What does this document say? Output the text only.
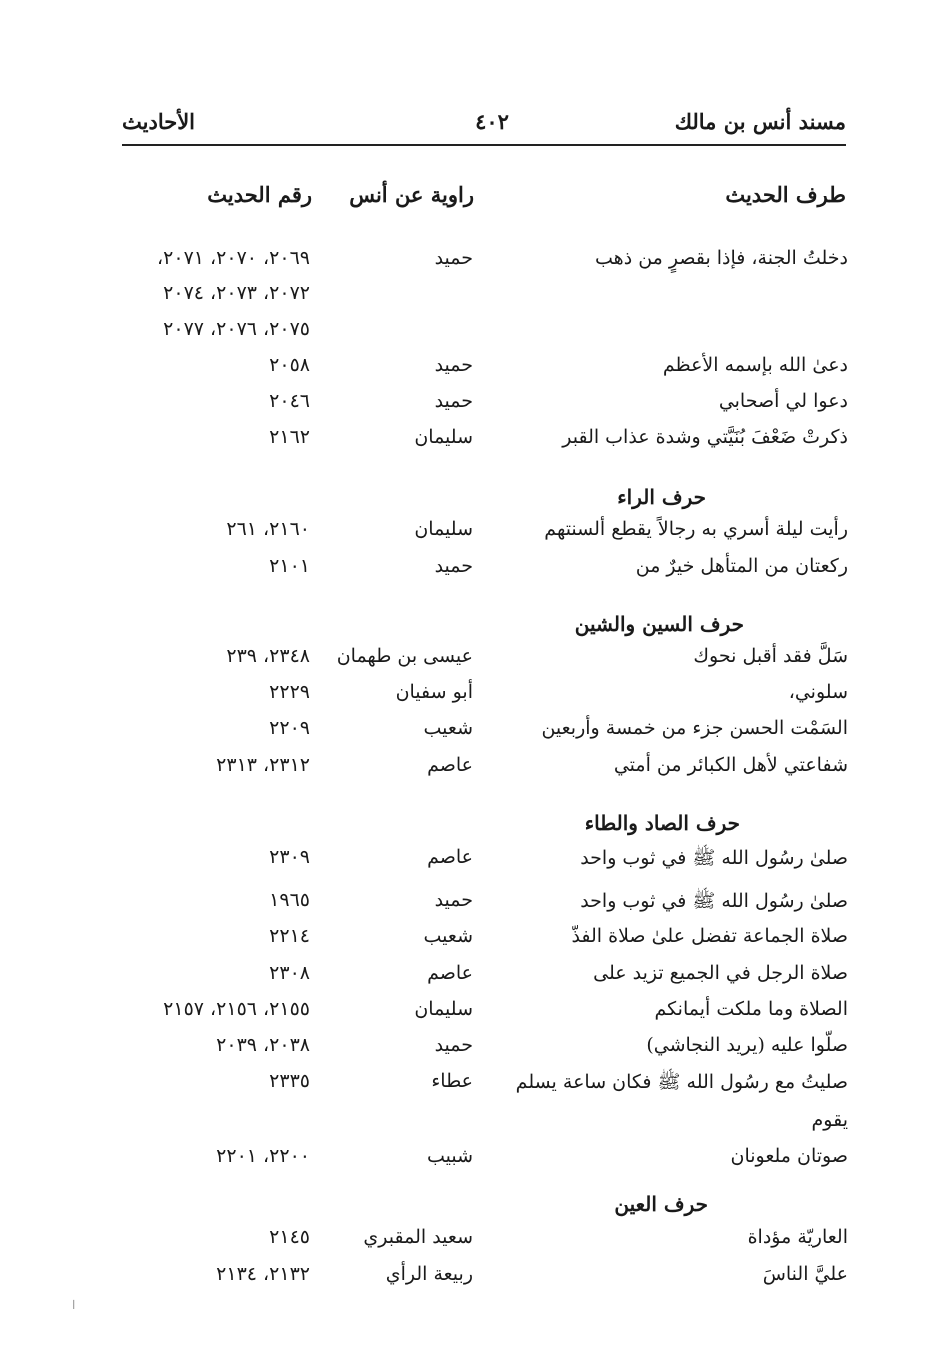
مسند أنس بن مالك
٤٠٢
الأحاديث
طرف الحديث
راوية عن أنس
رقم الحديث
دخلتُ الجنة، فإذا بقصرٍ من ذهب
حميد
٢٠٦٩، ٢٠٧٠، ٢٠٧١،
٢٠٧٢، ٢٠٧٣، ٢٠٧٤
٢٠٧٥، ٢٠٧٦، ٢٠٧٧
دعىٰ الله بإسمه الأعظم
حميد
٢٠٥٨
دعوا لي أصحابي
حميد
٢٠٤٦
ذكرتْ ضَعْفَ بُنَيَّتي وشدة عذاب القبر
سليمان
٢١٦٢
رأيت ليلة أسري به رجالاً يقطع ألسنتهم
سليمان
٢١٦٠، ٢٦١
ركعتان من المتأهل خيرٌ من
حميد
٢١٠١
سَلَّ فقد أقبل نحوك
عيسى بن طهمان
٢٣٤٨، ٢٣٩
سلوني،
أبو سفيان
٢٢٢٩
السَمْت الحسن جزء من خمسة وأربعين
شعيب
٢٢٠٩
شفاعتي لأهل الكبائر من أمتي
عاصم
٢٣١٢، ٢٣١٣
صلىٰ رسُول الله ﷺ في ثوب واحد
عاصم
٢٣٠٩
صلىٰ رسُول الله ﷺ في ثوب واحد
حميد
١٩٦٥
صلاة الجماعة تفضل علىٰ صلاة الفذّ
شعيب
٢٢١٤
صلاة الرجل في الجميع تزيد على
عاصم
٢٣٠٨
الصلاة وما ملكت أيمانكم
سليمان
٢١٥٥، ٢١٥٦، ٢١٥٧
صلّوا عليه (يريد النجاشي)
حميد
٢٠٣٨، ٢٠٣٩
صليتُ مع رسُول الله ﷺ فكان ساعة يسلم
عطاء
٢٣٣٥
يقوم
صوتان ملعونان
شبيب
٢٢٠٠، ٢٢٠١
العاريّة مؤداة
سعيد المقبري
٢١٤٥
عليَّ الناسَ
ربيعة الرأي
٢١٣٢، ٢١٣٤
حرف الراء
حرف السين والشين
حرف الصاد والطاء
حرف العين
ا
